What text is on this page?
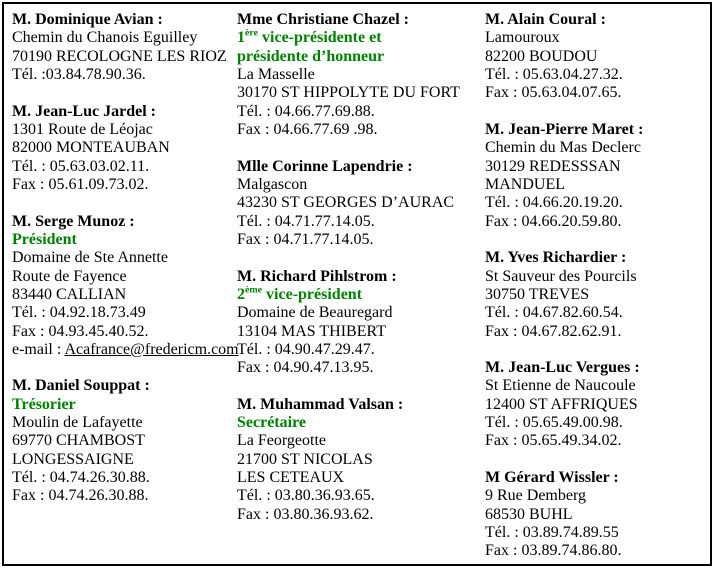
M. Dominique Avian :
Chemin du Chanois Eguilley
70190 RECOLOGNE LES RIOZ
Tél. :03.84.78.90.36.
M. Jean-Luc Jardel :
1301 Route de Léojac
82000 MONTEAUBAN
Tél. : 05.63.03.02.11.
Fax : 05.61.09.73.02.
M. Serge Munoz :
Président
Domaine de Ste Annette
Route de Fayence
83440 CALLIAN
Tél. : 04.92.18.73.49
Fax : 04.93.45.40.52.
e-mail : Acafrance@fredericm.com
M. Daniel Souppat :
Trésorier
Moulin de Lafayette
69770 CHAMBOST
LONGESSAIGNE
Tél. : 04.74.26.30.88.
Fax : 04.74.26.30.88.
Mme Christiane Chazel :
1ère vice-présidente et
présidente d’honneur
La Masselle
30170 ST HIPPOLYTE DU FORT
Tél. : 04.66.77.69.88.
Fax : 04.66.77.69 .98.
Mlle Corinne Lapendrie :
Malgascon
43230 ST GEORGES D’AURAC
Tél. : 04.71.77.14.05.
Fax : 04.71.77.14.05.
M. Richard Pihlstrom :
2ème vice-président
Domaine de Beauregard
13104 MAS THIBERT
Tél. : 04.90.47.29.47.
Fax : 04.90.47.13.95.
M. Muhammad Valsan :
Secrétaire
La Feorgeotte
21700 ST NICOLAS
LES CETEAUX
Tél. : 03.80.36.93.65.
Fax : 03.80.36.93.62.
M. Alain Coural :
Lamouroux
82200 BOUDOU
Tél. : 05.63.04.27.32.
Fax : 05.63.04.07.65.
M. Jean-Pierre Maret :
Chemin du Mas Declerc
30129 REDESSSAN
MANDUEL
Tél. : 04.66.20.19.20.
Fax : 04.66.20.59.80.
M. Yves Richardier :
St Sauveur des Pourcils
30750 TREVES
Tél. : 04.67.82.60.54.
Fax : 04.67.82.62.91.
M. Jean-Luc Vergues :
St Etienne de Naucoule
12400 ST AFFRIQUES
Tél. : 05.65.49.00.98.
Fax : 05.65.49.34.02.
M Gérard Wissler :
9 Rue Demberg
68530 BUHL
Tél. : 03.89.74.89.55
Fax : 03.89.74.86.80.
